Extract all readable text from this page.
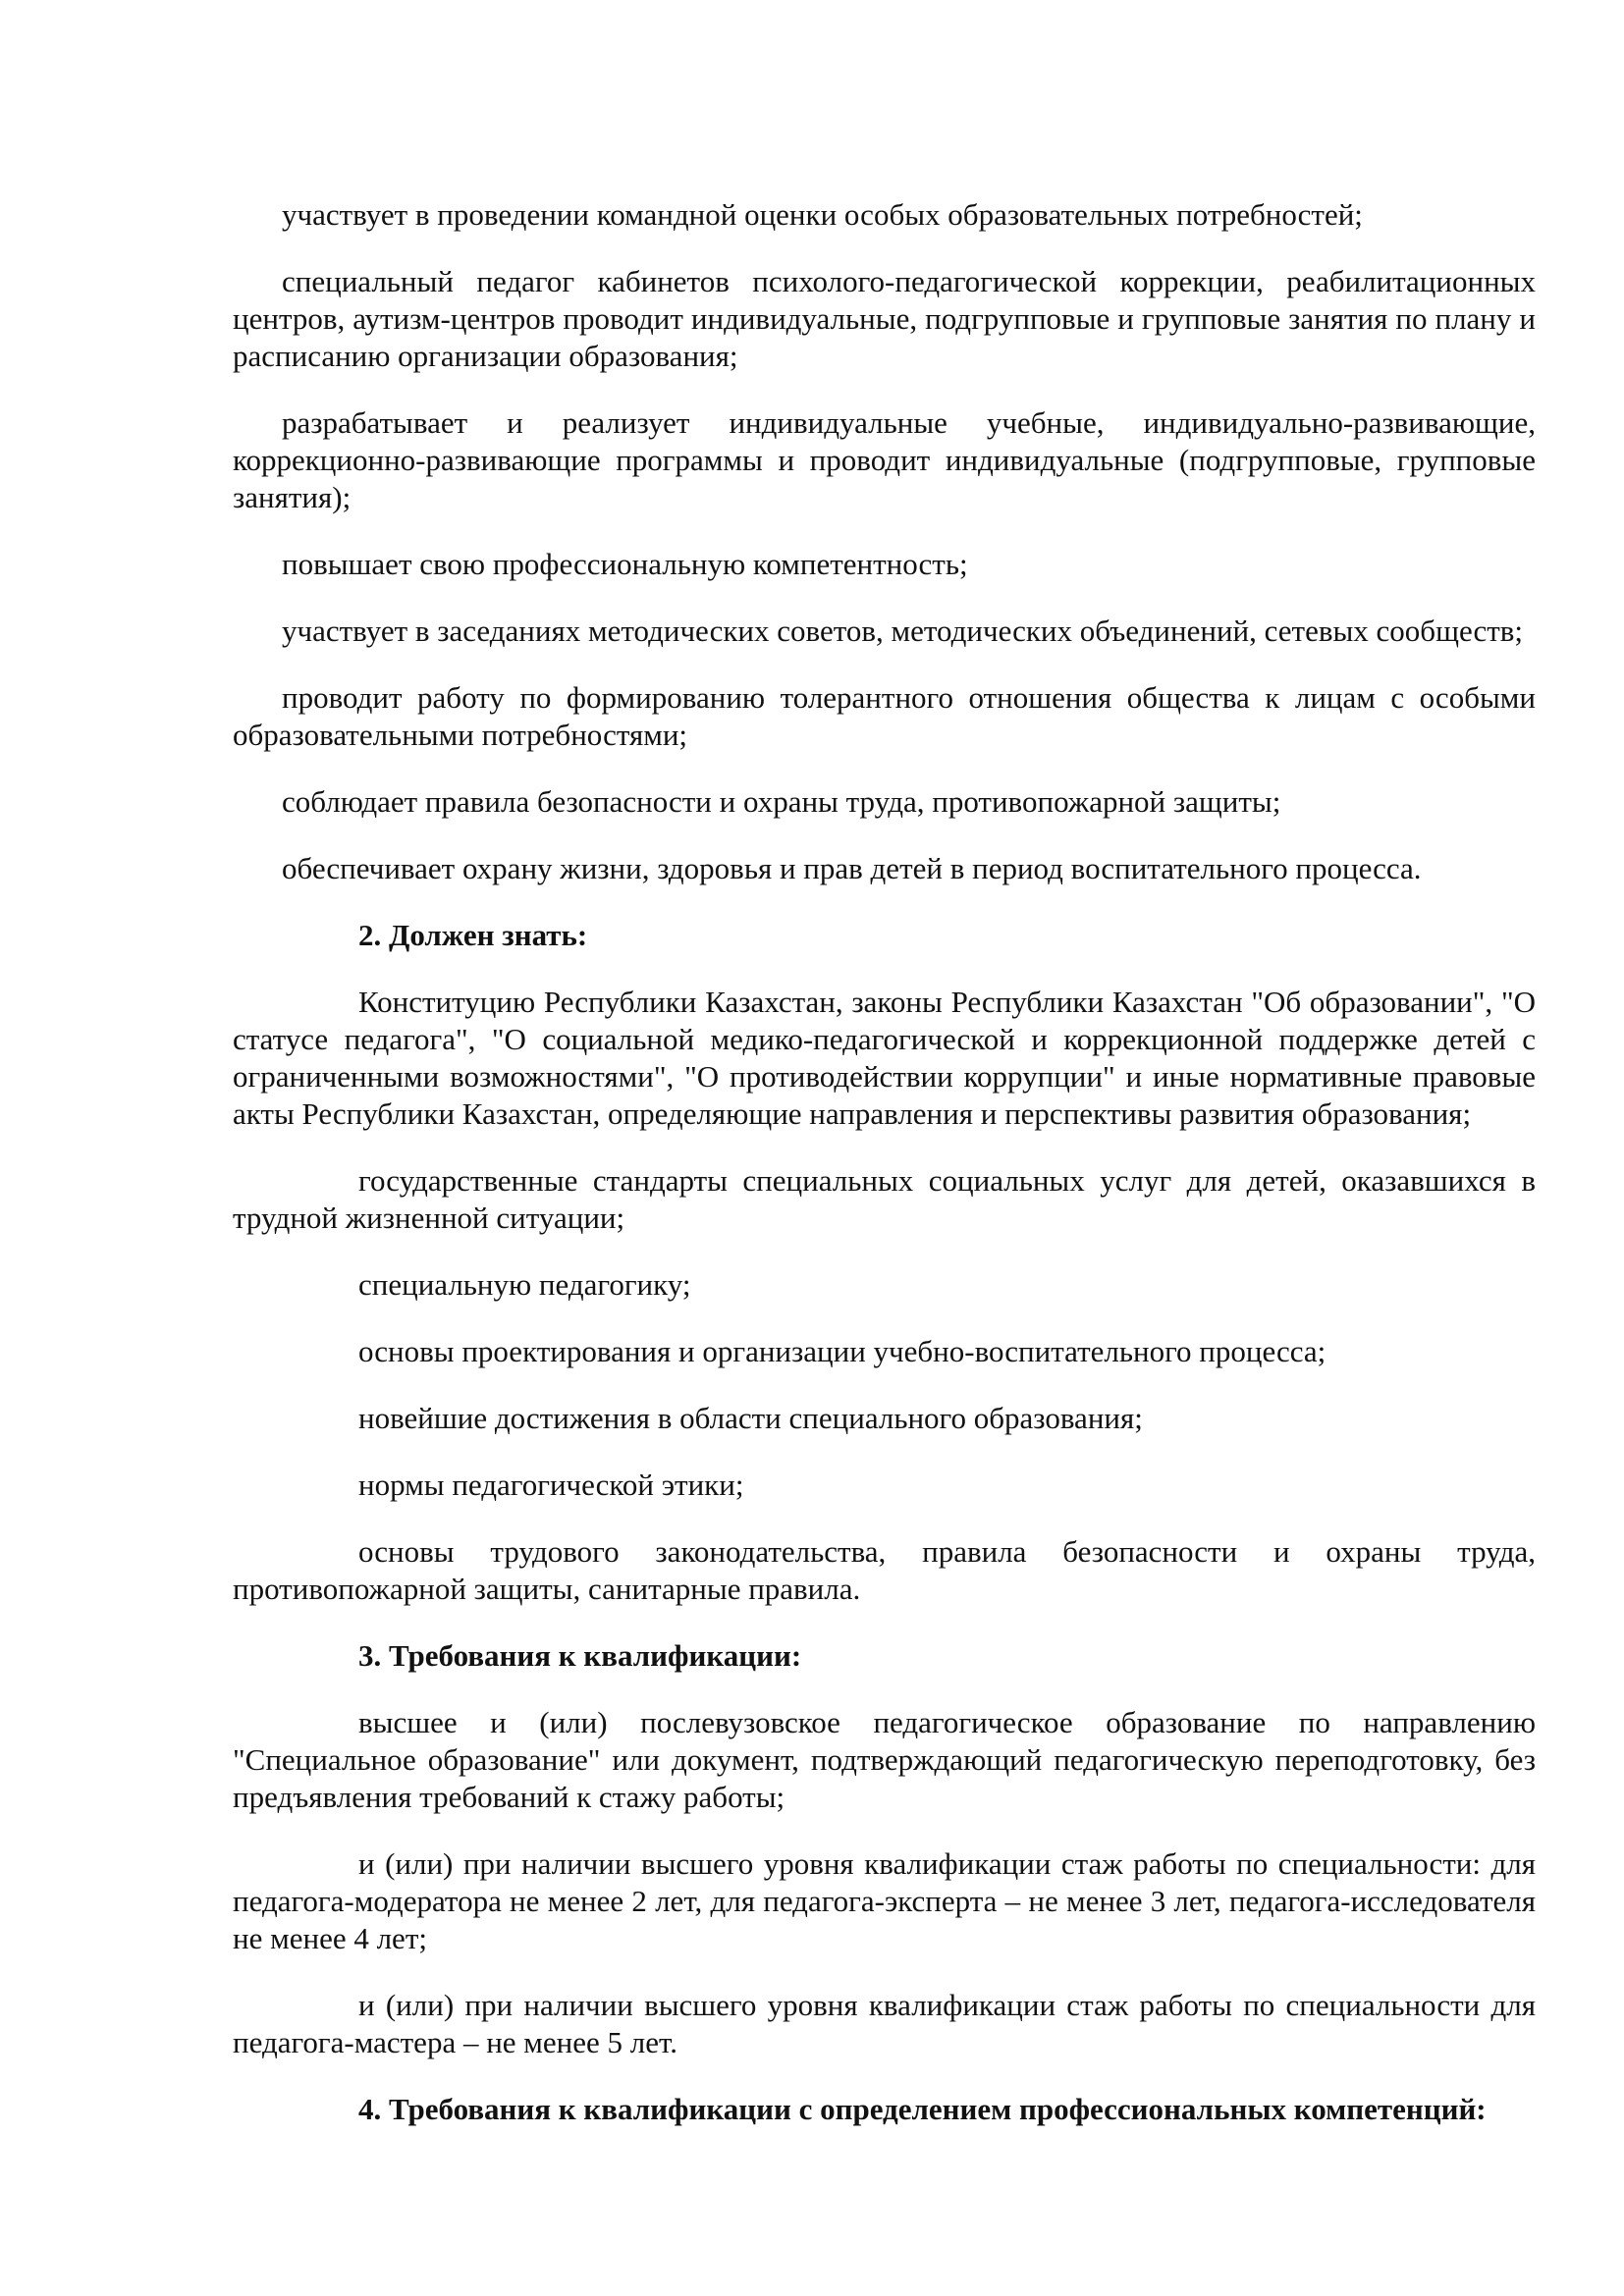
участвует в проведении командной оценки особых образовательных потребностей;

специальный педагог кабинетов психолого-педагогической коррекции, реабилитационных центров, аутизм-центров проводит индивидуальные, подгрупповые и групповые занятия по плану и расписанию организации образования;

разрабатывает и реализует индивидуальные учебные, индивидуально-развивающие, коррекционно-развивающие программы и проводит индивидуальные (подгрупповые, групповые занятия);

повышает свою профессиональную компетентность;

участвует в заседаниях методических советов, методических объединений, сетевых сообществ;

проводит работу по формированию толерантного отношения общества к лицам с особыми образовательными потребностями;

соблюдает правила безопасности и охраны труда, противопожарной защиты;

обеспечивает охрану жизни, здоровья и прав детей в период воспитательного процесса.

2. Должен знать:

Конституцию Республики Казахстан, законы Республики Казахстан "Об образовании", "О статусе педагога", "О социальной медико-педагогической и коррекционной поддержке детей с ограниченными возможностями", "О противодействии коррупции" и иные нормативные правовые акты Республики Казахстан, определяющие направления и перспективы развития образования;

государственные стандарты специальных социальных услуг для детей, оказавшихся в трудной жизненной ситуации;

специальную педагогику;

основы проектирования и организации учебно-воспитательного процесса;

новейшие достижения в области специального образования;

нормы педагогической этики;

основы трудового законодательства, правила безопасности и охраны труда, противопожарной защиты, санитарные правила.

3. Требования к квалификации:

высшее и (или) послевузовское педагогическое образование по направлению "Специальное образование" или документ, подтверждающий педагогическую переподготовку, без предъявления требований к стажу работы;

и (или) при наличии высшего уровня квалификации стаж работы по специальности: для педагога-модератора не менее 2 лет, для педагога-эксперта – не менее 3 лет, педагога-исследователя не менее 4 лет;

и (или) при наличии высшего уровня квалификации стаж работы по специальности для педагога-мастера – не менее 5 лет.

4. Требования к квалификации с определением профессиональных компетенций:
